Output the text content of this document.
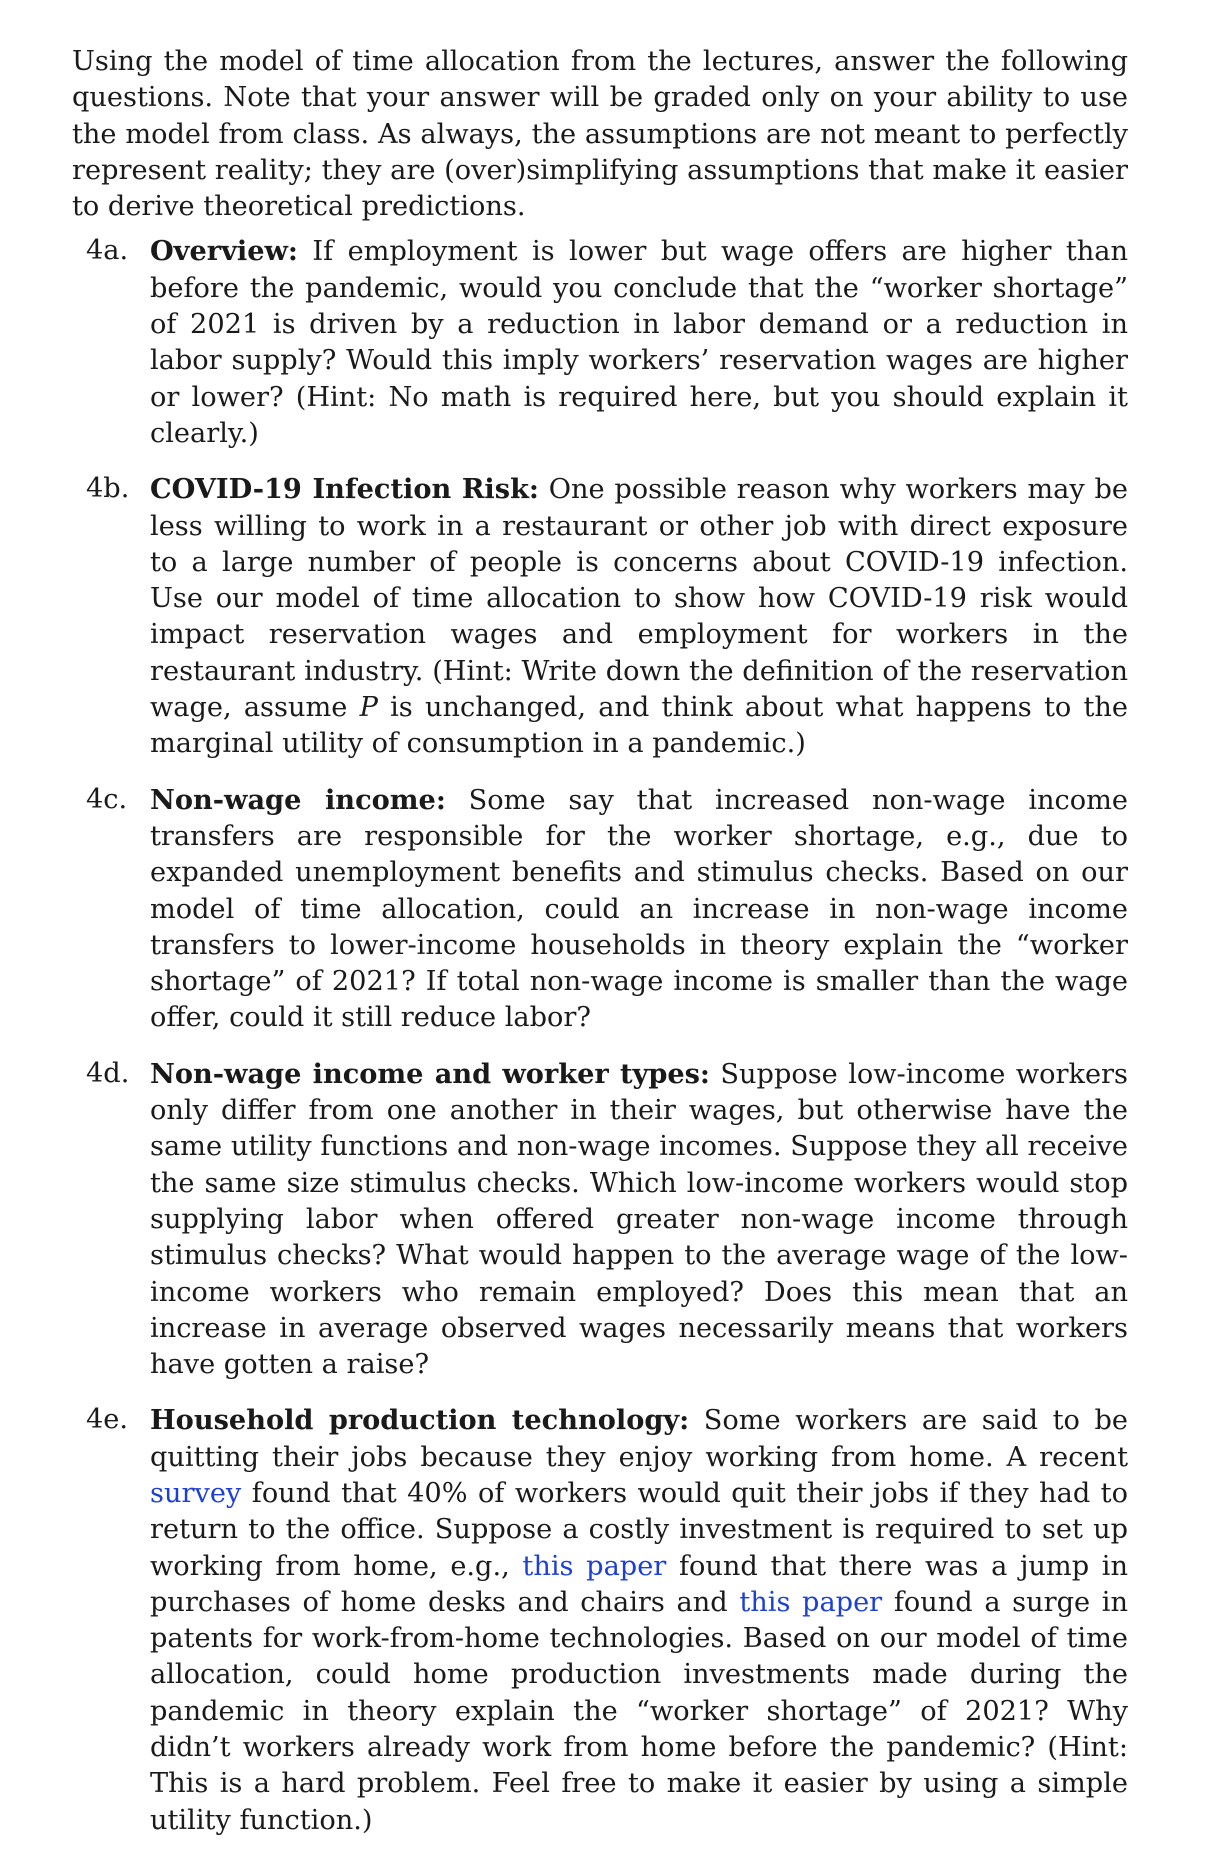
Using the model of time allocation from the lectures, answer the following questions. Note that your answer will be graded only on your ability to use the model from class. As always, the assumptions are not meant to perfectly represent reality; they are (over)simplifying assumptions that make it easier to derive theoretical predictions.

4a. Overview: If employment is lower but wage offers are higher than before the pandemic, would you conclude that the “worker shortage” of 2021 is driven by a reduction in labor demand or a reduction in labor supply? Would this imply workers’ reservation wages are higher or lower? (Hint: No math is required here, but you should explain it clearly.)
4b. COVID-19 Infection Risk: One possible reason why workers may be less willing to work in a restaurant or other job with direct exposure to a large number of people is concerns about COVID-19 infection. Use our model of time allocation to show how COVID-19 risk would impact reservation wages and employment for workers in the restaurant industry. (Hint: Write down the definition of the reservation wage, assume P is unchanged, and think about what happens to the marginal utility of consumption in a pandemic.)
4c. Non-wage income: Some say that increased non-wage income transfers are responsible for the worker shortage, e.g., due to expanded unemployment benefits and stimulus checks. Based on our model of time allocation, could an increase in non-wage income transfers to lower-income households in theory explain the “worker shortage” of 2021? If total non-wage income is smaller than the wage offer, could it still reduce labor?
4d. Non-wage income and worker types: Suppose low-income workers only differ from one another in their wages, but otherwise have the same utility functions and non-wage incomes. Suppose they all receive the same size stimulus checks. Which low-income workers would stop supplying labor when offered greater non-wage income through stimulus checks? What would happen to the average wage of the low-income workers who remain employed? Does this mean that an increase in average observed wages necessarily means that workers have gotten a raise?
4e. Household production technology: Some workers are said to be quitting their jobs because they enjoy working from home. A recent survey found that 40% of workers would quit their jobs if they had to return to the office. Suppose a costly investment is required to set up working from home, e.g., this paper found that there was a jump in purchases of home desks and chairs and this paper found a surge in patents for work-from-home technologies. Based on our model of time allocation, could home production investments made during the pandemic in theory explain the “worker shortage” of 2021? Why didn’t workers already work from home before the pandemic? (Hint: This is a hard problem. Feel free to make it easier by using a simple utility function.)
